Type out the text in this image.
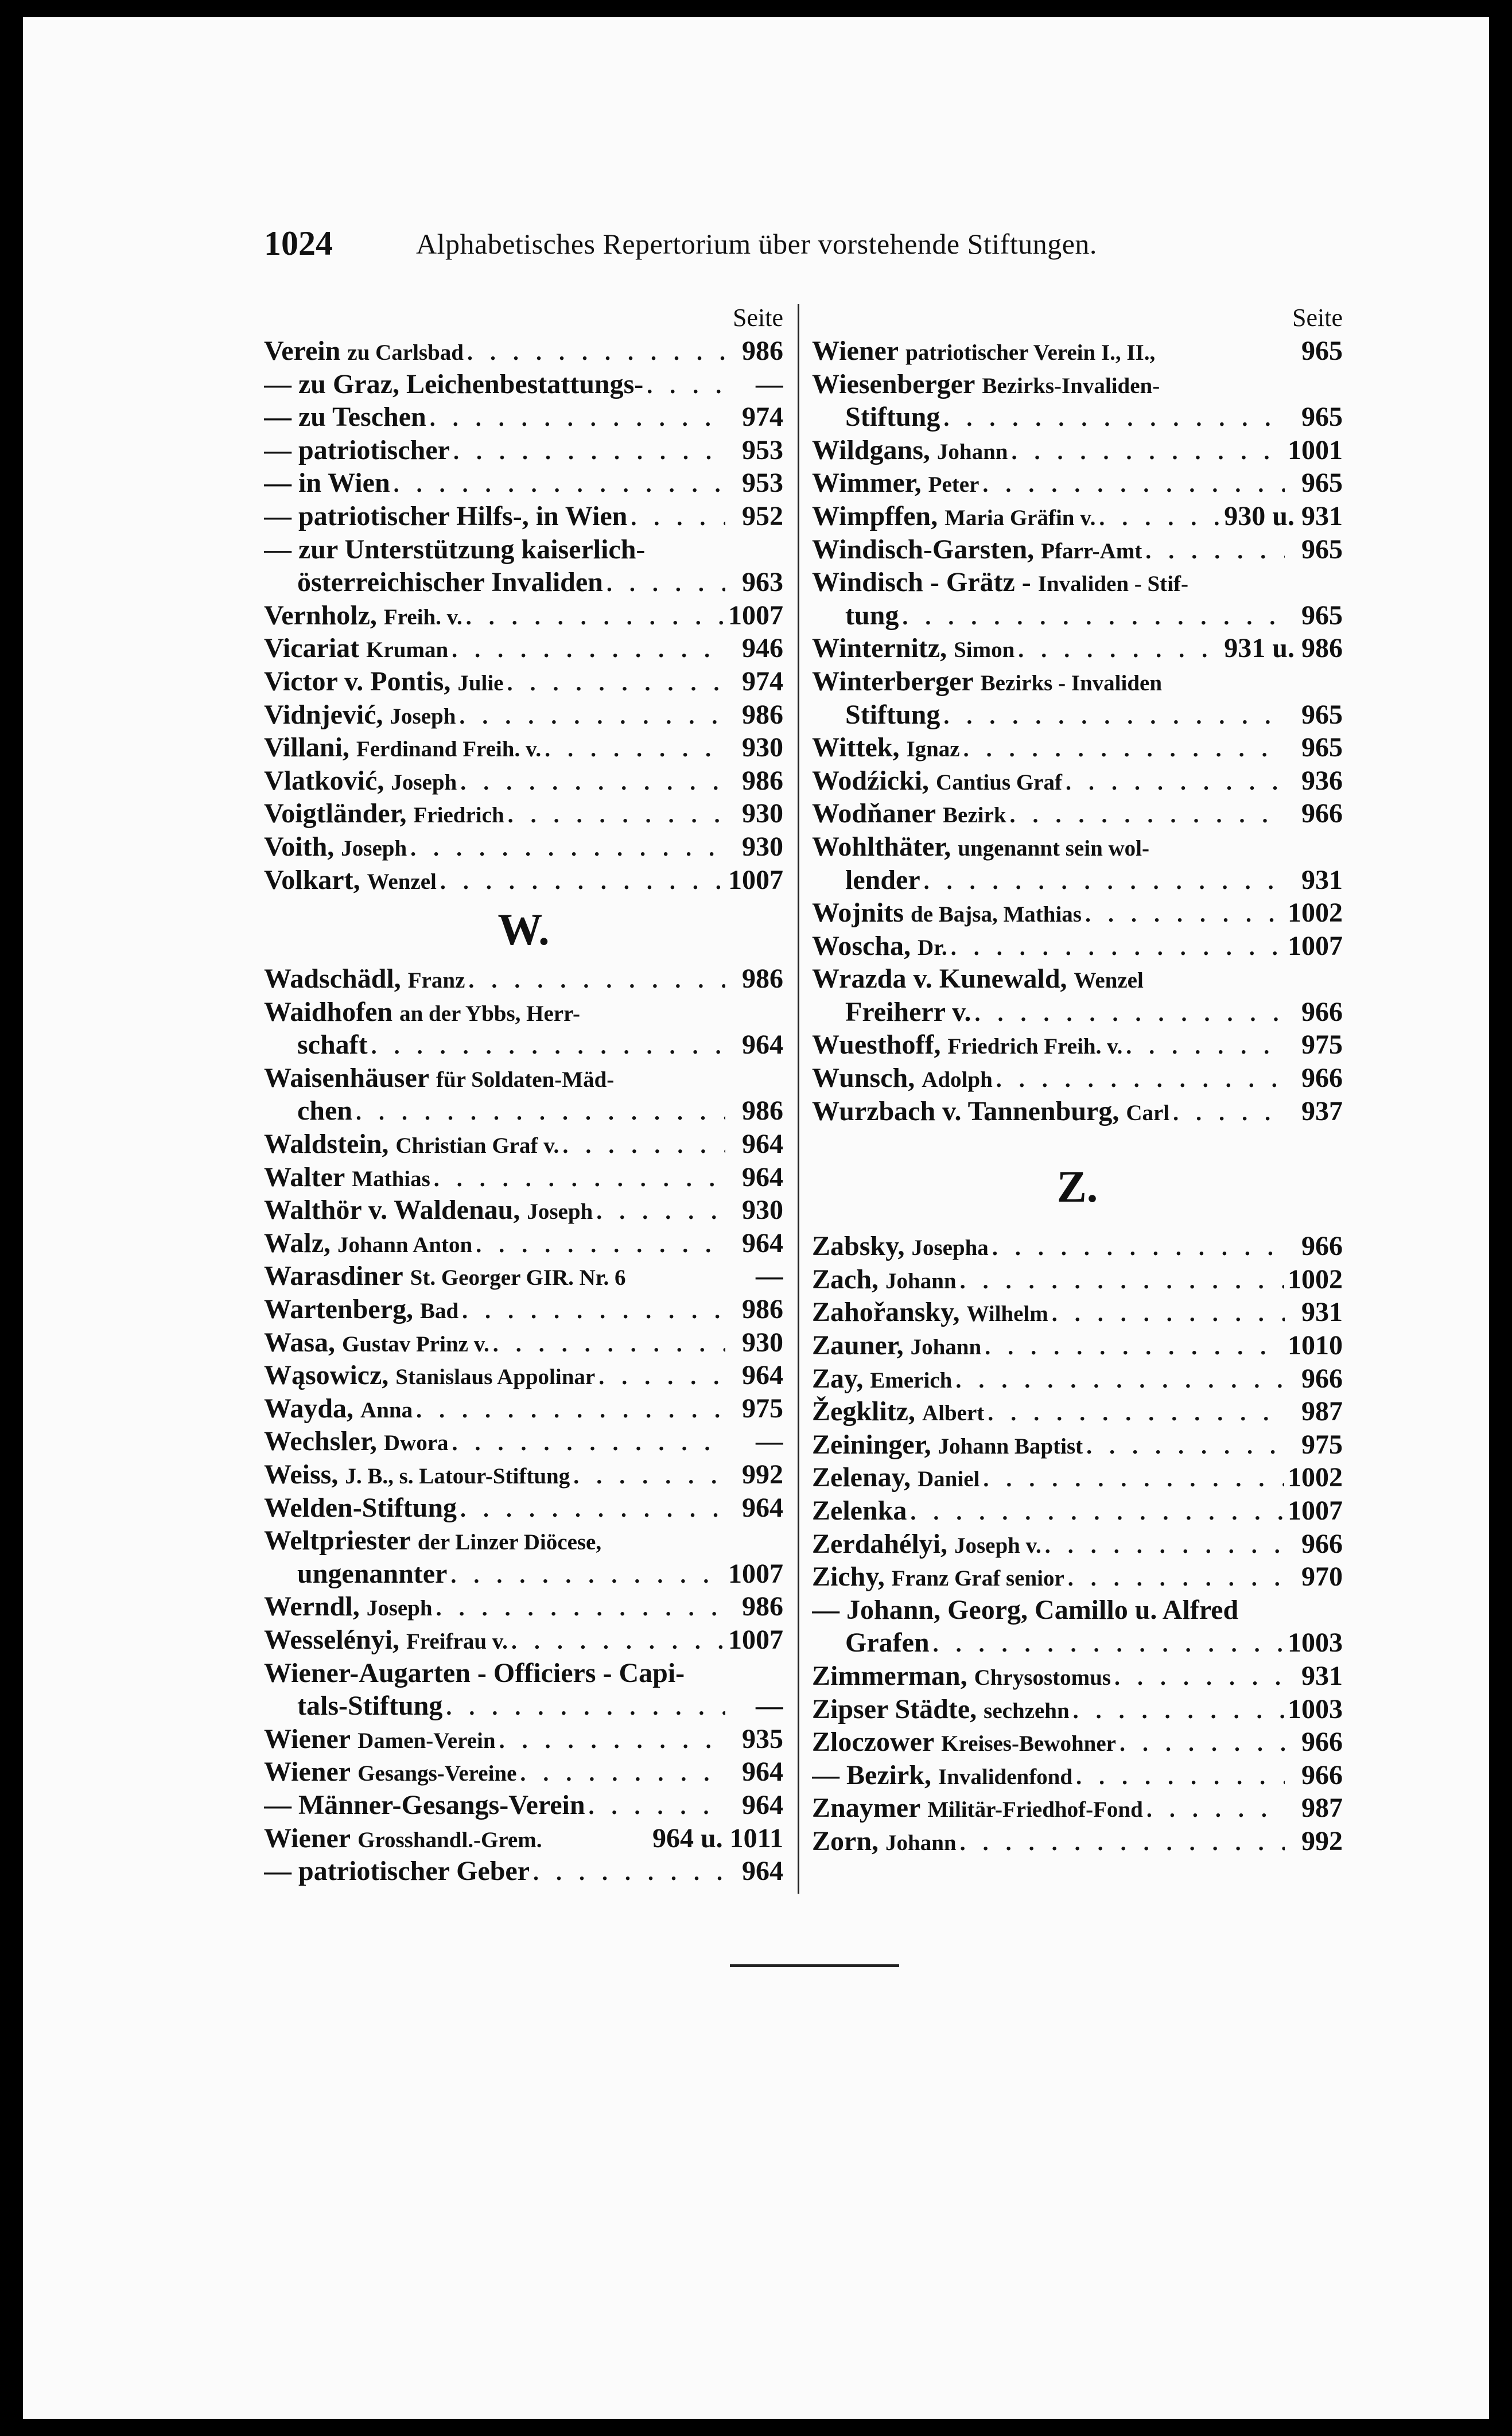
1024	Alphabetisches Repertorium über vorstehende Stiftungen.
Seite
Verein zu Carlsbad . . .	986
— zu Graz, Leichenbestattungs- . . .	—
— zu Teschen . . .	974
— patriotischer . . .	953
— in Wien . . .	953
— patriotischer Hilfs-, in Wien . . .	952
— zur Unterstützung kaiserlich-
österreichischer Invaliden . . .	963
Vernholz, Freih. v. . . .	1007
Vicariat Kruman . . .	946
Victor v. Pontis, Julie . . .	974
Vidnjević, Joseph . . .	986
Villani, Ferdinand Freih. v. . . .	930
Vlatković, Joseph . . .	986
Voigtländer, Friedrich . . .	930
Voith, Joseph . . .	930
Volkart, Wenzel . . .	1007
W.
Wadschädl, Franz . . .	986
Waidhofen an der Ybbs, Herr-
schaft . . .	964
Waisenhäuser für Soldaten-Mäd-
chen . . .	986
Waldstein, Christian Graf v. . . .	964
Walter Mathias . . .	964
Walthör v. Waldenau, Joseph . . .	930
Walz, Johann Anton . . .	964
Warasdiner St. Georger GIR. Nr. 6	—
Wartenberg, Bad . . .	986
Wasa, Gustav Prinz v. . . .	930
Wąsowicz, Stanislaus Appolinar . . .	964
Wayda, Anna . . .	975
Wechsler, Dwora . . .	—
Weiss, J. B., s. Latour-Stiftung . . .	992
Welden-Stiftung . . .	964
Weltpriester der Linzer Diöcese,
ungenannter . . .	1007
Werndl, Joseph . . .	986
Wesselényi, Freifrau v. . . .	1007
Wiener-Augarten - Officiers - Capi-
tals-Stiftung . . .	—
Wiener Damen-Verein . . .	935
Wiener Gesangs-Vereine . . .	964
— Männer-Gesangs-Verein . . .	964
Wiener Grosshandl.-Grem.	964 u. 1011
— patriotischer Geber . . .	964
Seite
Wiener patriotischer Verein I., II.,	965
Wiesenberger Bezirks-Invaliden-
Stiftung . . .	965
Wildgans, Johann . . .	1001
Wimmer, Peter . . .	965
Wimpffen, Maria Gräfin v. . . .	930 u. 931
Windisch-Garsten, Pfarr-Amt . . .	965
Windisch - Grätz - Invaliden - Stif-
tung . . .	965
Winternitz, Simon . . .	931 u. 986
Winterberger Bezirks - Invaliden
Stiftung . . .	965
Wittek, Ignaz . . .	965
Wodźicki, Cantius Graf . . .	936
Wodňaner Bezirk . . .	966
Wohlthäter, ungenannt sein wol-
lender . . .	931
Wojnits de Bajsa, Mathias . . .	1002
Woscha, Dr. . . .	1007
Wrazda v. Kunewald, Wenzel
Freiherr v. . . .	966
Wuesthoff, Friedrich Freih. v. . . .	975
Wunsch, Adolph . . .	966
Wurzbach v. Tannenburg, Carl . . .	937
Z.
Zabsky, Josepha . . .	966
Zach, Johann . . .	1002
Zahořansky, Wilhelm . . .	931
Zauner, Johann . . .	1010
Zay, Emerich . . .	966
Žegklitz, Albert . . .	987
Zeininger, Johann Baptist . . .	975
Zelenay, Daniel . . .	1002
Zelenka . . .	1007
Zerdahélyi, Joseph v. . . .	966
Zichy, Franz Graf senior . . .	970
— Johann, Georg, Camillo u. Alfred
Grafen . . .	1003
Zimmerman, Chrysostomus . . .	931
Zipser Städte, sechzehn . . .	1003
Zloczower Kreises-Bewohner . . .	966
— Bezirk, Invalidenfond . . .	966
Znaymer Militär-Friedhof-Fond . . .	987
Zorn, Johann . . .	992
